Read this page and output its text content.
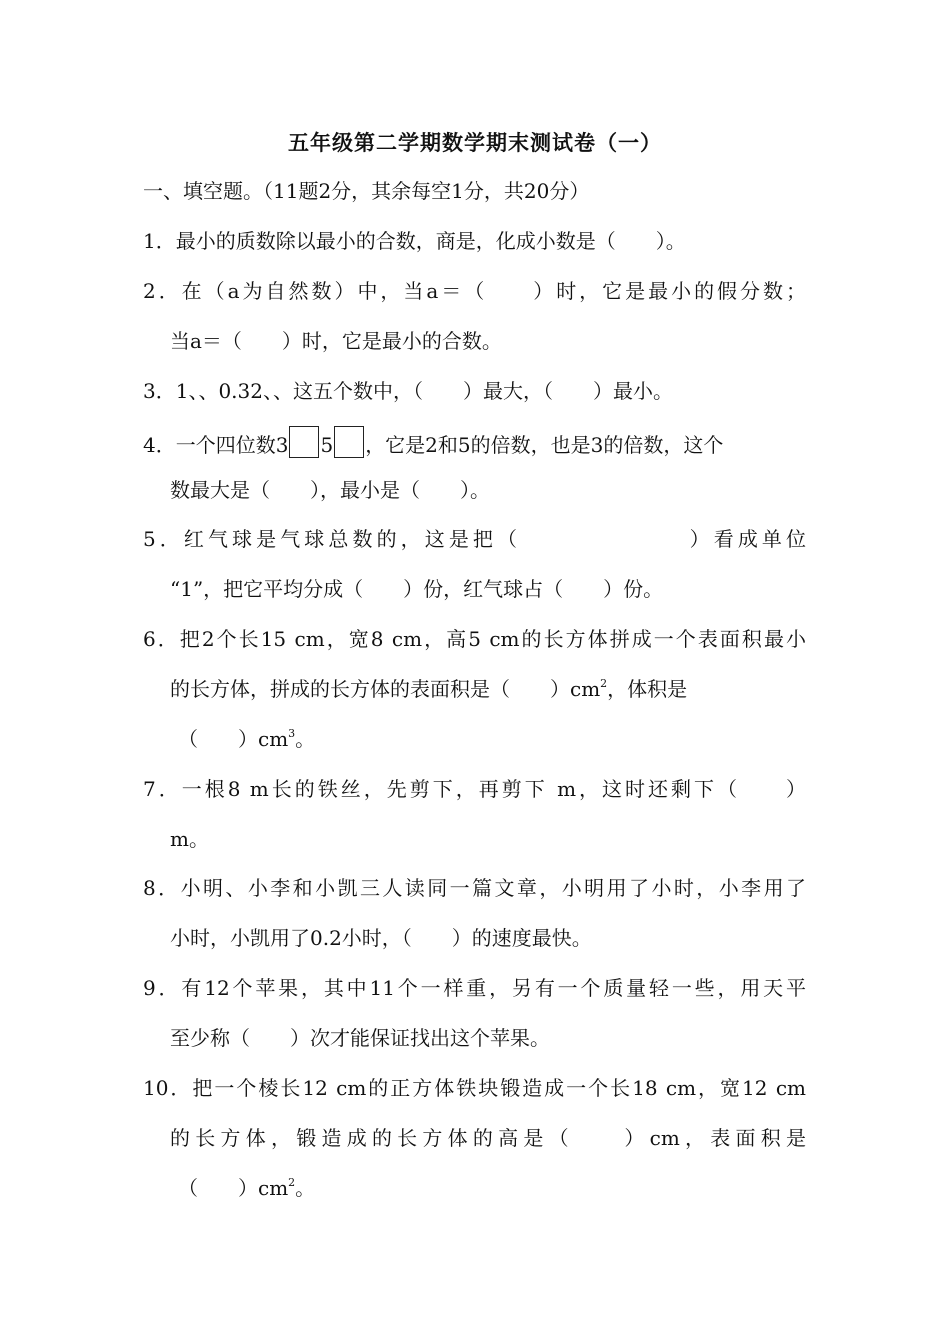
五年级第二学期数学期末测试卷（一）
一、填空题。（11题2分，其余每空1分，共20分）
1．最小的质数除以最小的合数，商是，化成小数是（　　）。
2．在（a为自然数）中，当a＝（　　）时，它是最小的假分数；
当a＝（　　）时，它是最小的合数。
3．1、、0.32、、这五个数中，（　　）最大，（　　）最小。
4．一个四位数3 5 ，它是2和5的倍数，也是3的倍数，这个
数最大是（　　），最小是（　　）。
5．红气球是气球总数的，这是把（　　　　　　　）看成单位
“1”，把它平均分成（　　）份，红气球占（　　）份。
6．把2个长15 cm，宽8 cm，高5 cm的长方体拼成一个表面积最小
的长方体，拼成的长方体的表面积是（　　）$cm^2$，体积是
（　　）$cm^3$。
7．一根8 m长的铁丝，先剪下，再剪下 m，这时还剩下（　　）
m。
8．小明、小李和小凯三人读同一篇文章，小明用了小时，小李用了
小时，小凯用了0.2小时，（　　）的速度最快。
9．有12个苹果，其中11个一样重，另有一个质量轻一些，用天平
至少称（　　）次才能保证找出这个苹果。
10．把一个棱长12 cm的正方体铁块锻造成一个长18 cm，宽12 cm
的长方体，锻造成的长方体的高是（　　）cm，表面积是
（　　）$cm^2$。
